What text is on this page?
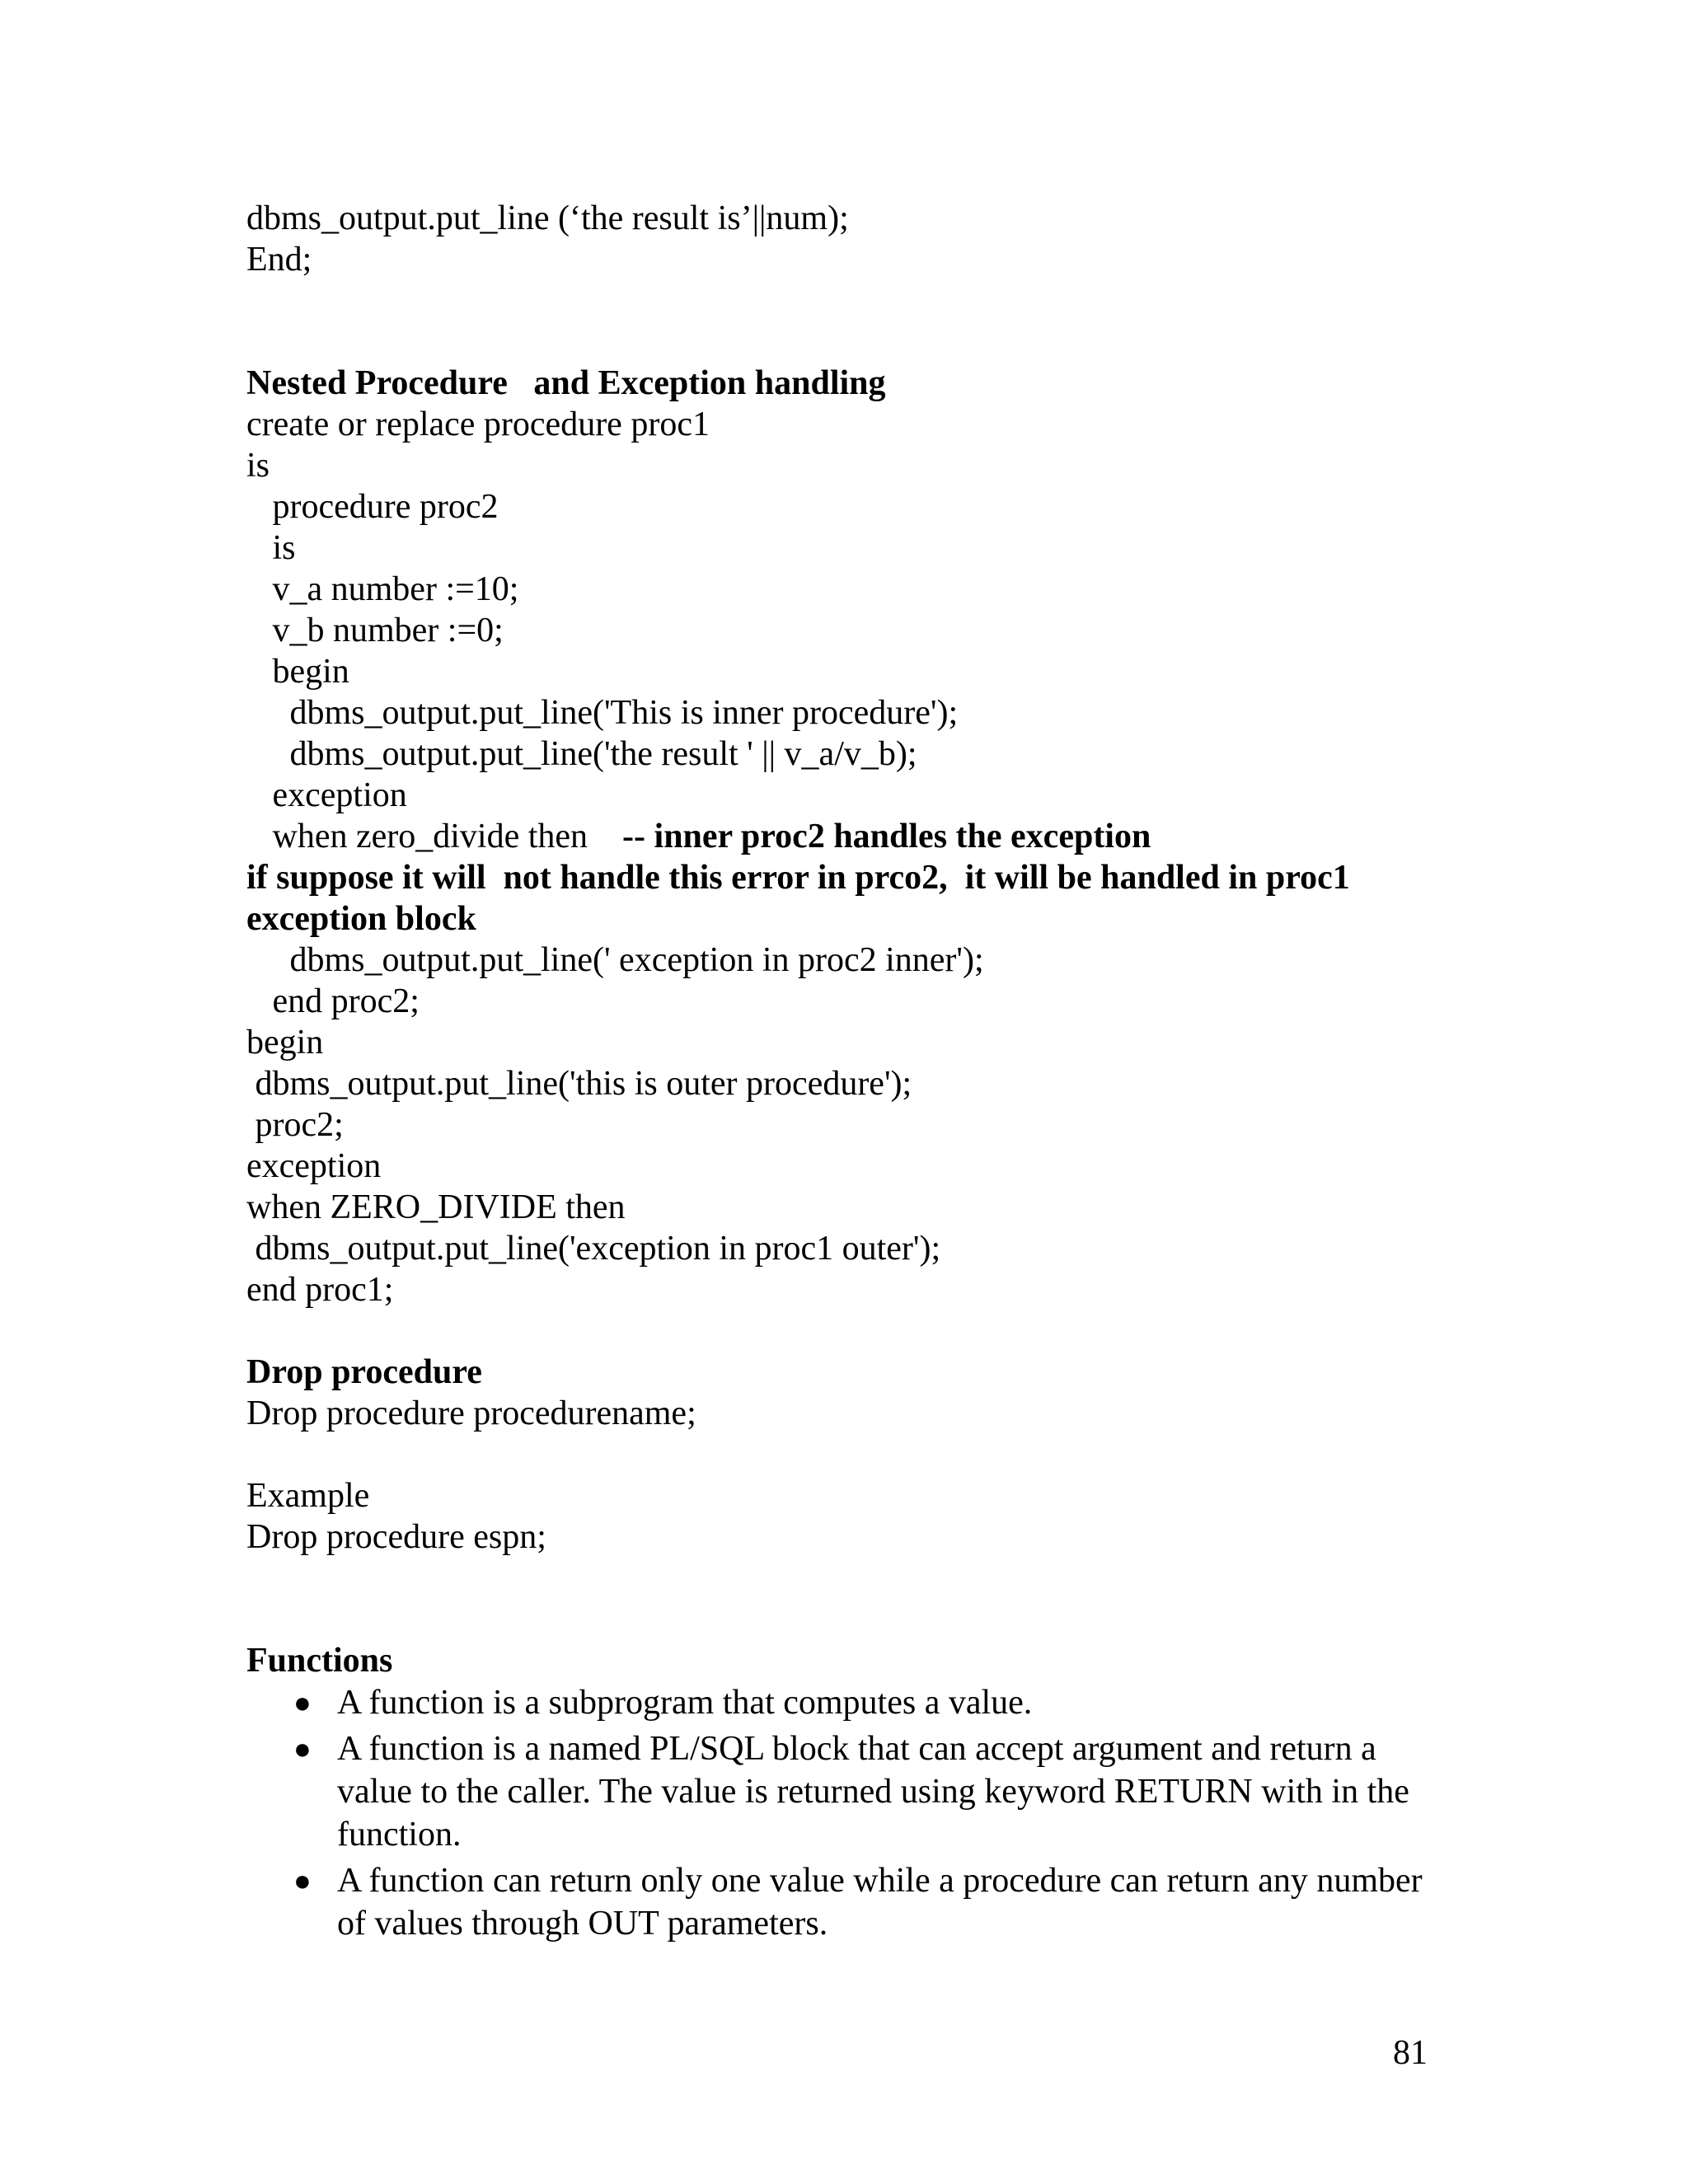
dbms_output.put_line (‘the result is’||num);
End;
Nested Procedure   and Exception handling
create or replace procedure proc1
is
procedure proc2
is
v_a number :=10;
v_b number :=0;
begin
dbms_output.put_line('This is inner procedure');
dbms_output.put_line('the result ' || v_a/v_b);
exception
when zero_divide then    -- inner proc2 handles the exception
if suppose it will  not handle this error in prco2,  it will be handled in proc1
exception block
dbms_output.put_line(' exception in proc2 inner');
end proc2;
begin
dbms_output.put_line('this is outer procedure');
proc2;
exception
when ZERO_DIVIDE then
dbms_output.put_line('exception in proc1 outer');
end proc1;
Drop procedure
Drop procedure procedurename;
Example
Drop procedure espn;
Functions
● A function is a subprogram that computes a value.
● A function is a named PL/SQL block that can accept argument and return a value to the caller. The value is returned using keyword RETURN with in the function.
● A function can return only one value while a procedure can return any number of values through OUT parameters.
81
